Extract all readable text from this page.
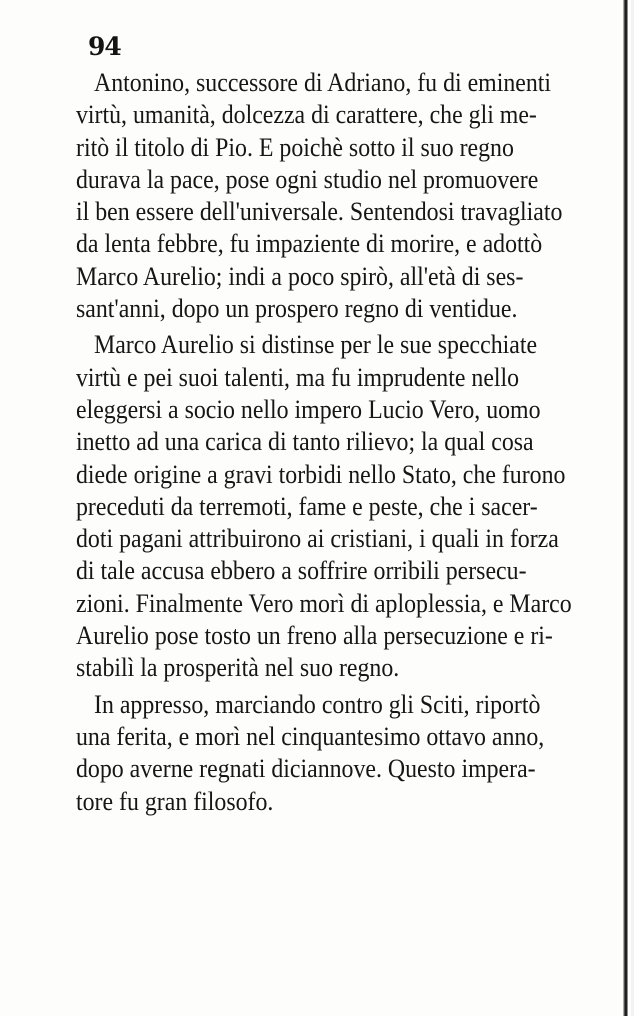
94
Antonino, successore di Adriano, fu di eminenti
virtù, umanità, dolcezza di carattere, che gli me-
ritò il titolo di Pio. E poichè sotto il suo regno
durava la pace, pose ogni studio nel promuovere
il ben essere dell'universale. Sentendosi travagliato
da lenta febbre, fu impaziente di morire, e adottò
Marco Aurelio; indi a poco spirò, all'età di ses-
sant'anni, dopo un prospero regno di ventidue.
Marco Aurelio si distinse per le sue specchiate
virtù e pei suoi talenti, ma fu imprudente nello
eleggersi a socio nello impero Lucio Vero, uomo
inetto ad una carica di tanto rilievo; la qual cosa
diede origine a gravi torbidi nello Stato, che furono
preceduti da terremoti, fame e peste, che i sacer-
doti pagani attribuirono ai cristiani, i quali in forza
di tale accusa ebbero a soffrire orribili persecu-
zioni. Finalmente Vero morì di aploplessia, e Marco
Aurelio pose tosto un freno alla persecuzione e ri-
stabilì la prosperità nel suo regno.
In appresso, marciando contro gli Sciti, riportò
una ferita, e morì nel cinquantesimo ottavo anno,
dopo averne regnati diciannove. Questo impera-
tore fu gran filosofo.
